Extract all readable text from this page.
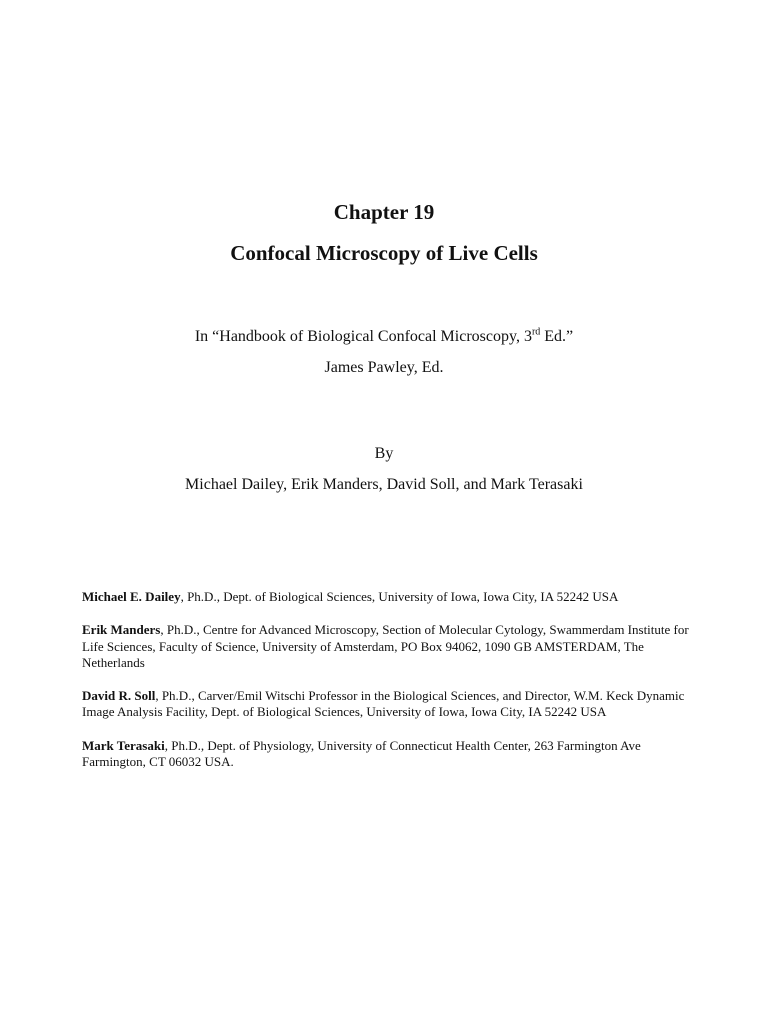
Chapter 19
Confocal Microscopy of Live Cells
In “Handbook of Biological Confocal Microscopy, 3rd Ed.”
James Pawley, Ed.
By
Michael Dailey, Erik Manders, David Soll, and Mark Terasaki

Michael E. Dailey, Ph.D., Dept. of Biological Sciences, University of Iowa, Iowa City, IA 52242 USA

Erik Manders, Ph.D., Centre for Advanced Microscopy, Section of Molecular Cytology, Swammerdam Institute for Life Sciences, Faculty of Science, University of Amsterdam, PO Box 94062, 1090 GB AMSTERDAM, The Netherlands

David R. Soll, Ph.D., Carver/Emil Witschi Professor in the Biological Sciences, and Director, W.M. Keck Dynamic Image Analysis Facility, Dept. of Biological Sciences, University of Iowa, Iowa City, IA 52242 USA

Mark Terasaki, Ph.D., Dept. of Physiology, University of Connecticut Health Center, 263 Farmington Ave Farmington, CT 06032 USA.
